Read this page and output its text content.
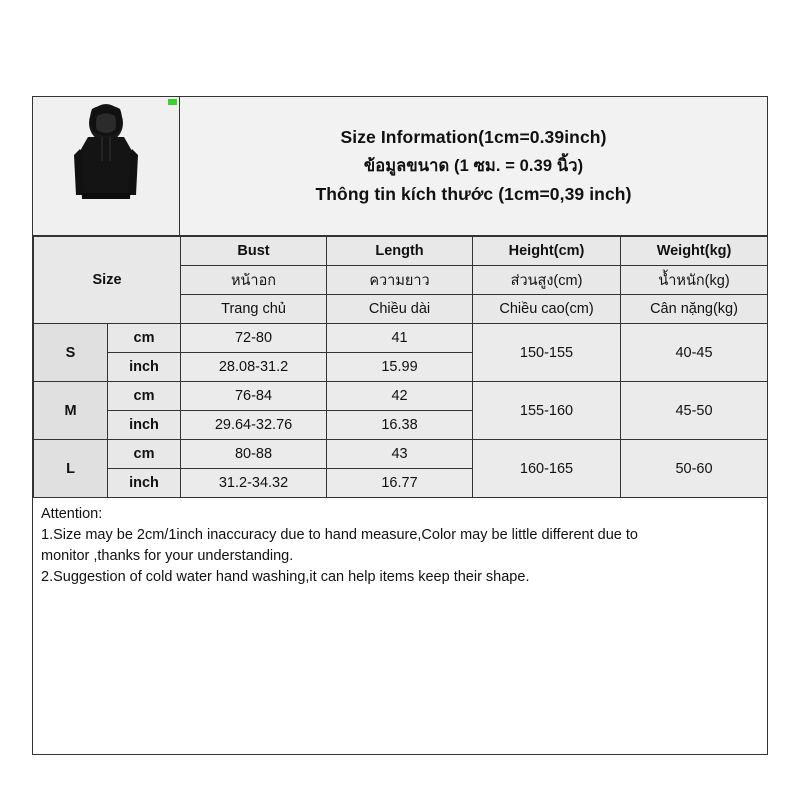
Size Information(1cm=0.39inch)
ข้อมูลขนาด (1 ซม. = 0.39 นิ้ว)
Thông tin kích thước (1cm=0,39 inch)
Size		Bust	Length	Height(cm)	Weight(kg)
		หน้าอก	ความยาว	ส่วนสูง(cm)	น้ำหนัก(kg)
		Trang chủ	Chiều dài	Chiều cao(cm)	Cân nặng(kg)
S	cm	72-80	41	150-155	40-45
	inch	28.08-31.2	15.99		
M	cm	76-84	42	155-160	45-50
	inch	29.64-32.76	16.38		
L	cm	80-88	43	160-165	50-60
	inch	31.2-34.32	16.77		

Attention:

1.Size may be 2cm/1inch inaccuracy due to hand measure,Color may be little different due to

monitor ,thanks for your understanding.

2.Suggestion of cold water hand washing,it can help items keep their shape.
